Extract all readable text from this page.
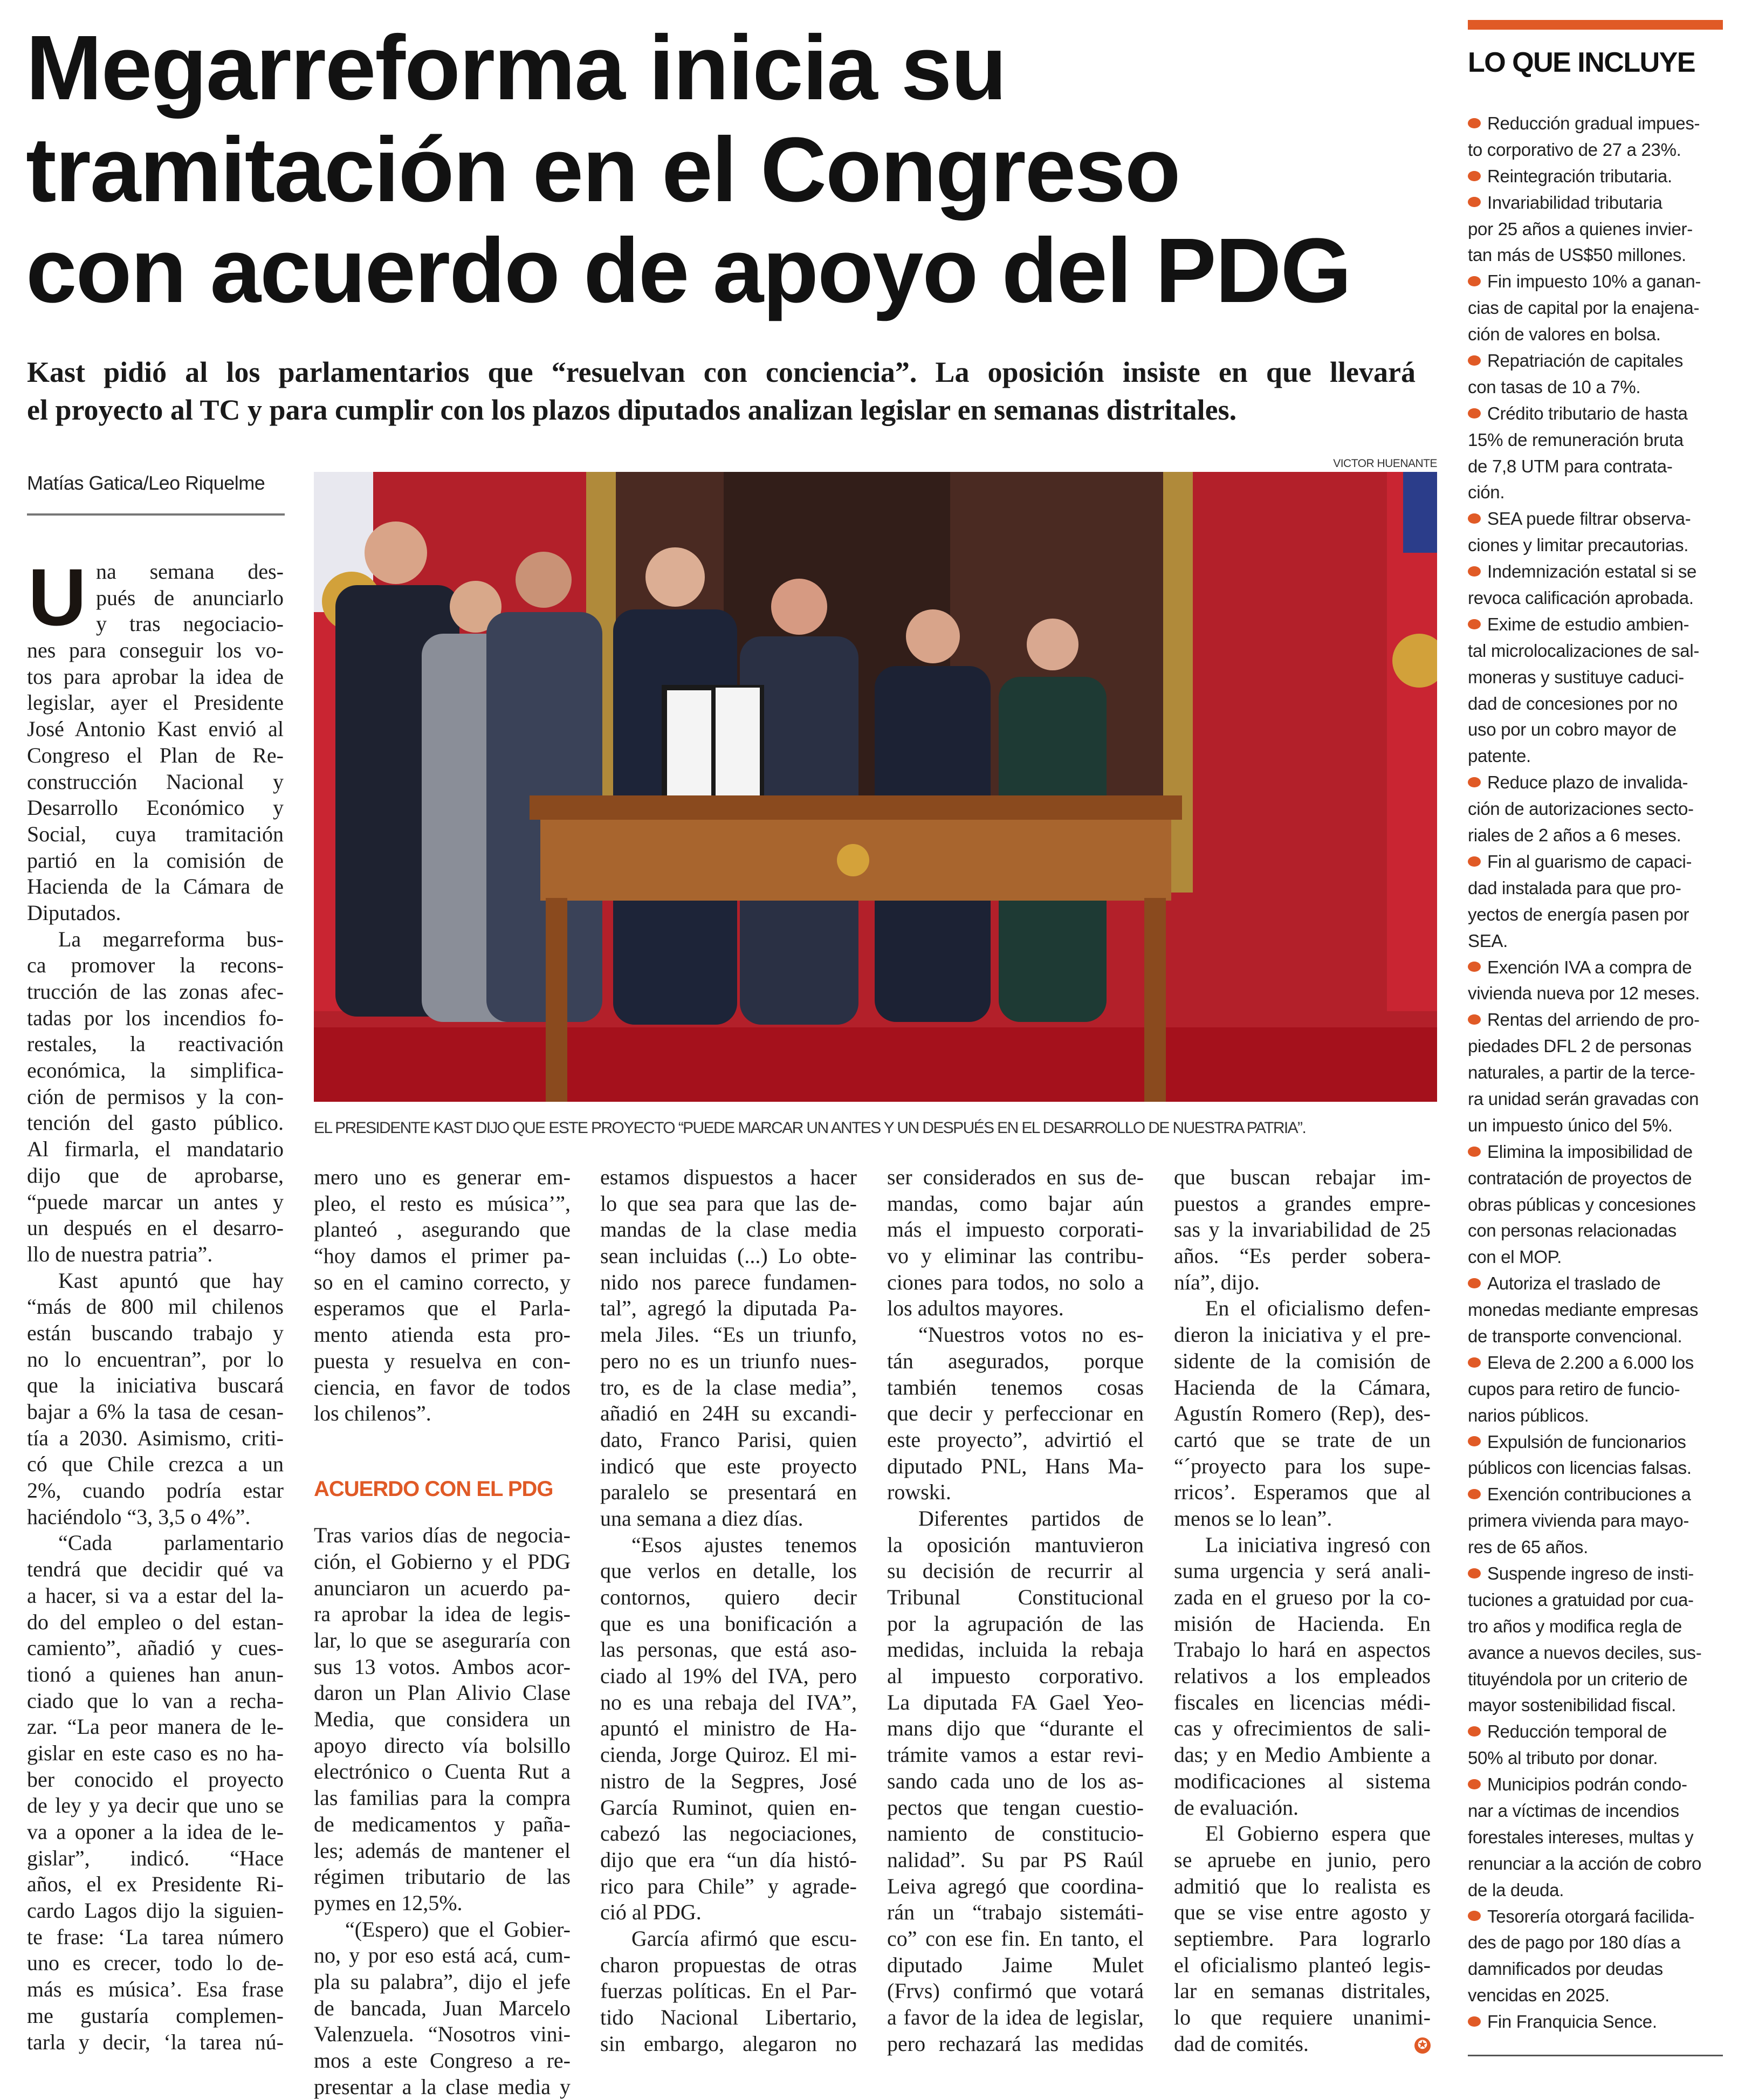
Megarreforma inicia su
tramitación en el Congreso
con acuerdo de apoyo del PDG
Kast pidió al los parlamentarios que “resuelvan con conciencia”. La oposición insiste en que llevará
el proyecto al TC y para cumplir con los plazos diputados analizan legislar en semanas distritales.
Matías Gatica/Leo Riquelme
VICTOR HUENANTE
EL PRESIDENTE KAST DIJO QUE ESTE PROYECTO “PUEDE MARCAR UN ANTES Y UN DESPUÉS EN EL DESARROLLO DE NUESTRA PATRIA”.
U na semana des-
pués de anunciarlo
y tras negociacio-
nes para conseguir los vo-
tos para aprobar la idea de
legislar, ayer el Presidente
José Antonio Kast envió al
Congreso el Plan de Re-
construcción Nacional y
Desarrollo Económico y
Social, cuya tramitación
partió en la comisión de
Hacienda de la Cámara de
Diputados.
La megarreforma bus-
ca promover la recons-
trucción de las zonas afec-
tadas por los incendios fo-
restales, la reactivación
económica, la simplifica-
ción de permisos y la con-
tención del gasto público.
Al firmarla, el mandatario
dijo que de aprobarse,
“puede marcar un antes y
un después en el desarro-
llo de nuestra patria”.
Kast apuntó que hay
“más de 800 mil chilenos
están buscando trabajo y
no lo encuentran”, por lo
que la iniciativa buscará
bajar a 6% la tasa de cesan-
tía a 2030. Asimismo, criti-
có que Chile crezca a un
2%, cuando podría estar
haciéndolo “3, 3,5 o 4%”.
“Cada parlamentario
tendrá que decidir qué va
a hacer, si va a estar del la-
do del empleo o del estan-
camiento”, añadió y cues-
tionó a quienes han anun-
ciado que lo van a recha-
zar. “La peor manera de le-
gislar en este caso es no ha-
ber conocido el proyecto
de ley y ya decir que uno se
va a oponer a la idea de le-
gislar”, indicó. “Hace
años, el ex Presidente Ri-
cardo Lagos dijo la siguien-
te frase: ‘La tarea número
uno es crecer, todo lo de-
más es música’. Esa frase
me gustaría complemen-
tarla y decir, ‘la tarea nú-
mero uno es generar em-
pleo, el resto es música’”,
planteó , asegurando que
“hoy damos el primer pa-
so en el camino correcto, y
esperamos que el Parla-
mento atienda esta pro-
puesta y resuelva en con-
ciencia, en favor de todos
los chilenos”.
ACUERDO CON EL PDG
Tras varios días de negocia-
ción, el Gobierno y el PDG
anunciaron un acuerdo pa-
ra aprobar la idea de legis-
lar, lo que se aseguraría con
sus 13 votos. Ambos acor-
daron un Plan Alivio Clase
Media, que considera un
apoyo directo vía bolsillo
electrónico o Cuenta Rut a
las familias para la compra
de medicamentos y paña-
les; además de mantener el
régimen tributario de las
pymes en 12,5%.
“(Espero) que el Gobier-
no, y por eso está acá, cum-
pla su palabra”, dijo el jefe
de bancada, Juan Marcelo
Valenzuela. “Nosotros vini-
mos a este Congreso a re-
presentar a la clase media y
estamos dispuestos a hacer
lo que sea para que las de-
mandas de la clase media
sean incluidas (...) Lo obte-
nido nos parece fundamen-
tal”, agregó la diputada Pa-
mela Jiles. “Es un triunfo,
pero no es un triunfo nues-
tro, es de la clase media”,
añadió en 24H su excandi-
dato, Franco Parisi, quien
indicó que este proyecto
paralelo se presentará en
una semana a diez días.
“Esos ajustes tenemos
que verlos en detalle, los
contornos, quiero decir
que es una bonificación a
las personas, que está aso-
ciado al 19% del IVA, pero
no es una rebaja del IVA”,
apuntó el ministro de Ha-
cienda, Jorge Quiroz. El mi-
nistro de la Segpres, José
García Ruminot, quien en-
cabezó las negociaciones,
dijo que era “un día histó-
rico para Chile” y agrade-
ció al PDG.
García afirmó que escu-
charon propuestas de otras
fuerzas políticas. En el Par-
tido Nacional Libertario,
sin embargo, alegaron no
ser considerados en sus de-
mandas, como bajar aún
más el impuesto corporati-
vo y eliminar las contribu-
ciones para todos, no solo a
los adultos mayores.
“Nuestros votos no es-
tán asegurados, porque
también tenemos cosas
que decir y perfeccionar en
este proyecto”, advirtió el
diputado PNL, Hans Ma-
rowski.
Diferentes partidos de
la oposición mantuvieron
su decisión de recurrir al
Tribunal Constitucional
por la agrupación de las
medidas, incluida la rebaja
al impuesto corporativo.
La diputada FA Gael Yeo-
mans dijo que “durante el
trámite vamos a estar revi-
sando cada uno de los as-
pectos que tengan cuestio-
namiento de constitucio-
nalidad”. Su par PS Raúl
Leiva agregó que coordina-
rán un “trabajo sistemáti-
co” con ese fin. En tanto, el
diputado Jaime Mulet
(Frvs) confirmó que votará
a favor de la idea de legislar,
pero rechazará las medidas
que buscan rebajar im-
puestos a grandes empre-
sas y la invariabilidad de 25
años. “Es perder sobera-
nía”, dijo.
En el oficialismo defen-
dieron la iniciativa y el pre-
sidente de la comisión de
Hacienda de la Cámara,
Agustín Romero (Rep), des-
cartó que se trate de un
“´proyecto para los supe-
rricos’. Esperamos que al
menos se lo lean”.
La iniciativa ingresó con
suma urgencia y será anali-
zada en el grueso por la co-
misión de Hacienda. En
Trabajo lo hará en aspectos
relativos a los empleados
fiscales en licencias médi-
cas y ofrecimientos de sali-
das; y en Medio Ambiente a
modificaciones al sistema
de evaluación.
El Gobierno espera que
se apruebe en junio, pero
admitió que lo realista es
que se vise entre agosto y
septiembre. Para lograrlo
el oficialismo planteó legis-
lar en semanas distritales,
lo que requiere unanimi-
dad de comités.	✪
LO QUE INCLUYE
Reducción gradual impues-
to corporativo de 27 a 23%.
Reintegración tributaria.
Invariabilidad tributaria
por 25 años a quienes invier-
tan más de US$50 millones.
Fin impuesto 10% a ganan-
cias de capital por la enajena-
ción de valores en bolsa.
Repatriación de capitales
con tasas de 10 a 7%.
Crédito tributario de hasta
15% de remuneración bruta
de 7,8 UTM para contrata-
ción.
SEA puede filtrar observa-
ciones y limitar precautorias.
Indemnización estatal si se
revoca calificación aprobada.
Exime de estudio ambien-
tal microlocalizaciones de sal-
moneras y sustituye caduci-
dad de concesiones por no
uso por un cobro mayor de
patente.
Reduce plazo de invalida-
ción de autorizaciones secto-
riales de 2 años a 6 meses.
Fin al guarismo de capaci-
dad instalada para que pro-
yectos de energía pasen por
SEA.
Exención IVA a compra de
vivienda nueva por 12 meses.
Rentas del arriendo de pro-
piedades DFL 2 de personas
naturales, a partir de la terce-
ra unidad serán gravadas con
un impuesto único del 5%.
Elimina la imposibilidad de
contratación de proyectos de
obras públicas y concesiones
con personas relacionadas
con el MOP.
Autoriza el traslado de
monedas mediante empresas
de transporte convencional.
Eleva de 2.200 a 6.000 los
cupos para retiro de funcio-
narios públicos.
Expulsión de funcionarios
públicos con licencias falsas.
Exención contribuciones a
primera vivienda para mayo-
res de 65 años.
Suspende ingreso de insti-
tuciones a gratuidad por cua-
tro años y modifica regla de
avance a nuevos deciles, sus-
tituyéndola por un criterio de
mayor sostenibilidad fiscal.
Reducción temporal de
50% al tributo por donar.
Municipios podrán condo-
nar a víctimas de incendios
forestales intereses, multas y
renunciar a la acción de cobro
de la deuda.
Tesorería otorgará facilida-
des de pago por 180 días a
damnificados por deudas
vencidas en 2025.
Fin Franquicia Sence.
